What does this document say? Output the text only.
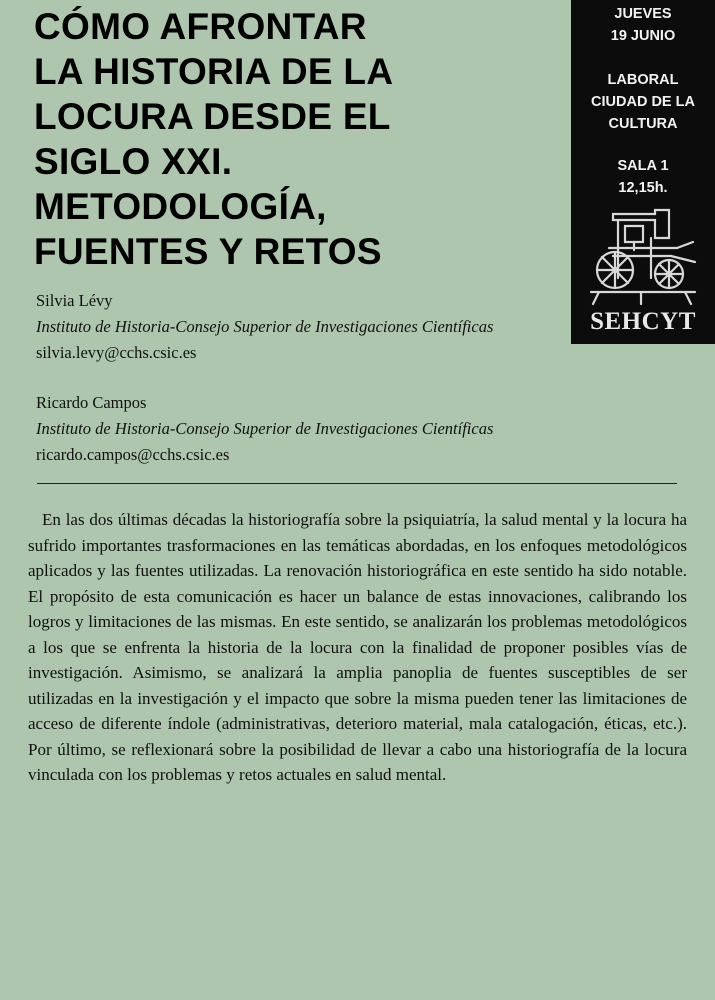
CÓMO AFRONTAR
LA HISTORIA DE LA
LOCURA DESDE EL
SIGLO XXI.
METODOLOGÍA,
FUENTES Y RETOS
JUEVES
19 JUNIO
LABORAL
CIUDAD DE LA
CULTURA
SALA 1
12,15h.
SEHCYT
Silvia Lévy
Instituto de Historia-Consejo Superior de Investigaciones Científicas
silvia.levy@cchs.csic.es
Ricardo Campos
Instituto de Historia-Consejo Superior de Investigaciones Científicas
ricardo.campos@cchs.csic.es

En las dos últimas décadas la historiografía sobre la psiquiatría, la salud mental y la locura ha sufrido importantes trasformaciones en las temáticas abordadas, en los enfoques metodológicos aplicados y las fuentes utilizadas. La renovación historiográfica en este sentido ha sido notable. El propósito de esta comunicación es hacer un balance de estas innovaciones, calibrando los logros y limitaciones de las mismas. En este sentido, se analizarán los problemas metodológicos a los que se enfrenta la historia de la locura con la finalidad de proponer posibles vías de investigación. Asimismo, se analizará la amplia panoplia de fuentes susceptibles de ser utilizadas en la investigación y el impacto que sobre la misma pueden tener las limitaciones de acceso de diferente índole (administrativas, deterioro material, mala catalogación, éticas, etc.). Por último, se reflexionará sobre la posibilidad de llevar a cabo una historiografía de la locura vinculada con los problemas y retos actuales en salud mental.
